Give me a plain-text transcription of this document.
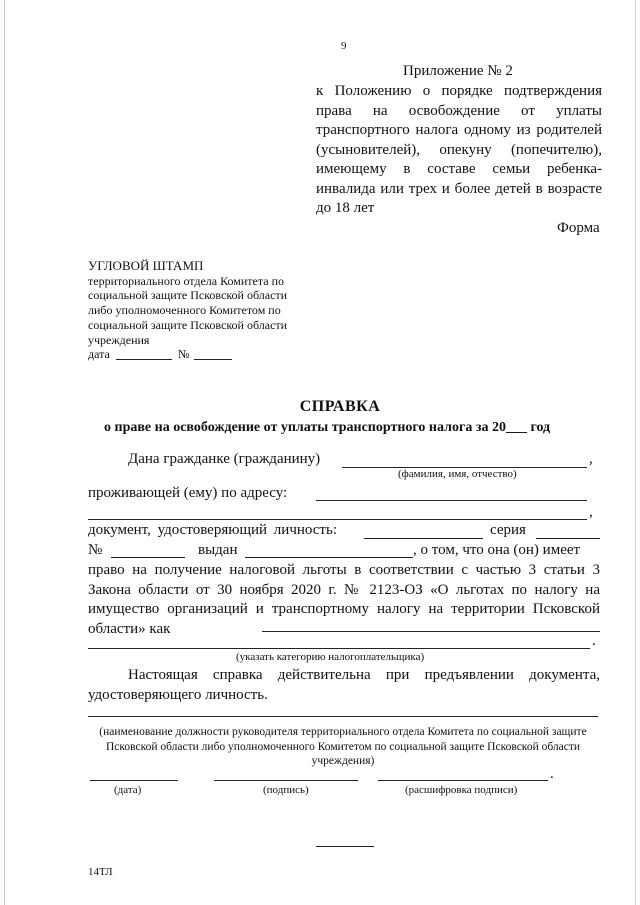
9
Приложение № 2
к Положению о порядке подтверждения права на освобождение от уплаты транспортного налога одному из родителей (усыновителей), опекуну (попечителю), имеющему в составе семьи ребенка-инвалида или трех и более детей в возрасте до 18 лет
Форма
УГЛОВОЙ ШТАМП
территориального отдела Комитета по
социальной защите Псковской области
либо уполномоченного Комитетом по
социальной защите Псковской области
учреждения
дата	№
СПРАВКА
о праве на освобождение от уплаты транспортного налога за 20___ год
Дана гражданке (гражданину)	,
(фамилия, имя, отчество)
проживающей (ему) по адресу:
,
документ, удостоверяющий личность:	серия
№	выдан	, о том, что она (он) имеет
право на получение налоговой льготы в соответствии с частью 3 статьи 3 Закона области от 30 ноября 2020 г. № 2123-ОЗ «О льготах по налогу на имущество организаций и транспортному налогу на территории Псковской области» как
.
(указать категорию налогоплательщика)
Настоящая справка действительна при предъявлении документа, удостоверяющего личность.
(наименование должности руководителя территориального отдела Комитета по социальной защите Псковской области либо уполномоченного Комитетом по социальной защите Псковской области учреждения)
.
(дата)	(подпись)	(расшифровка подписи)
14ТЛ
